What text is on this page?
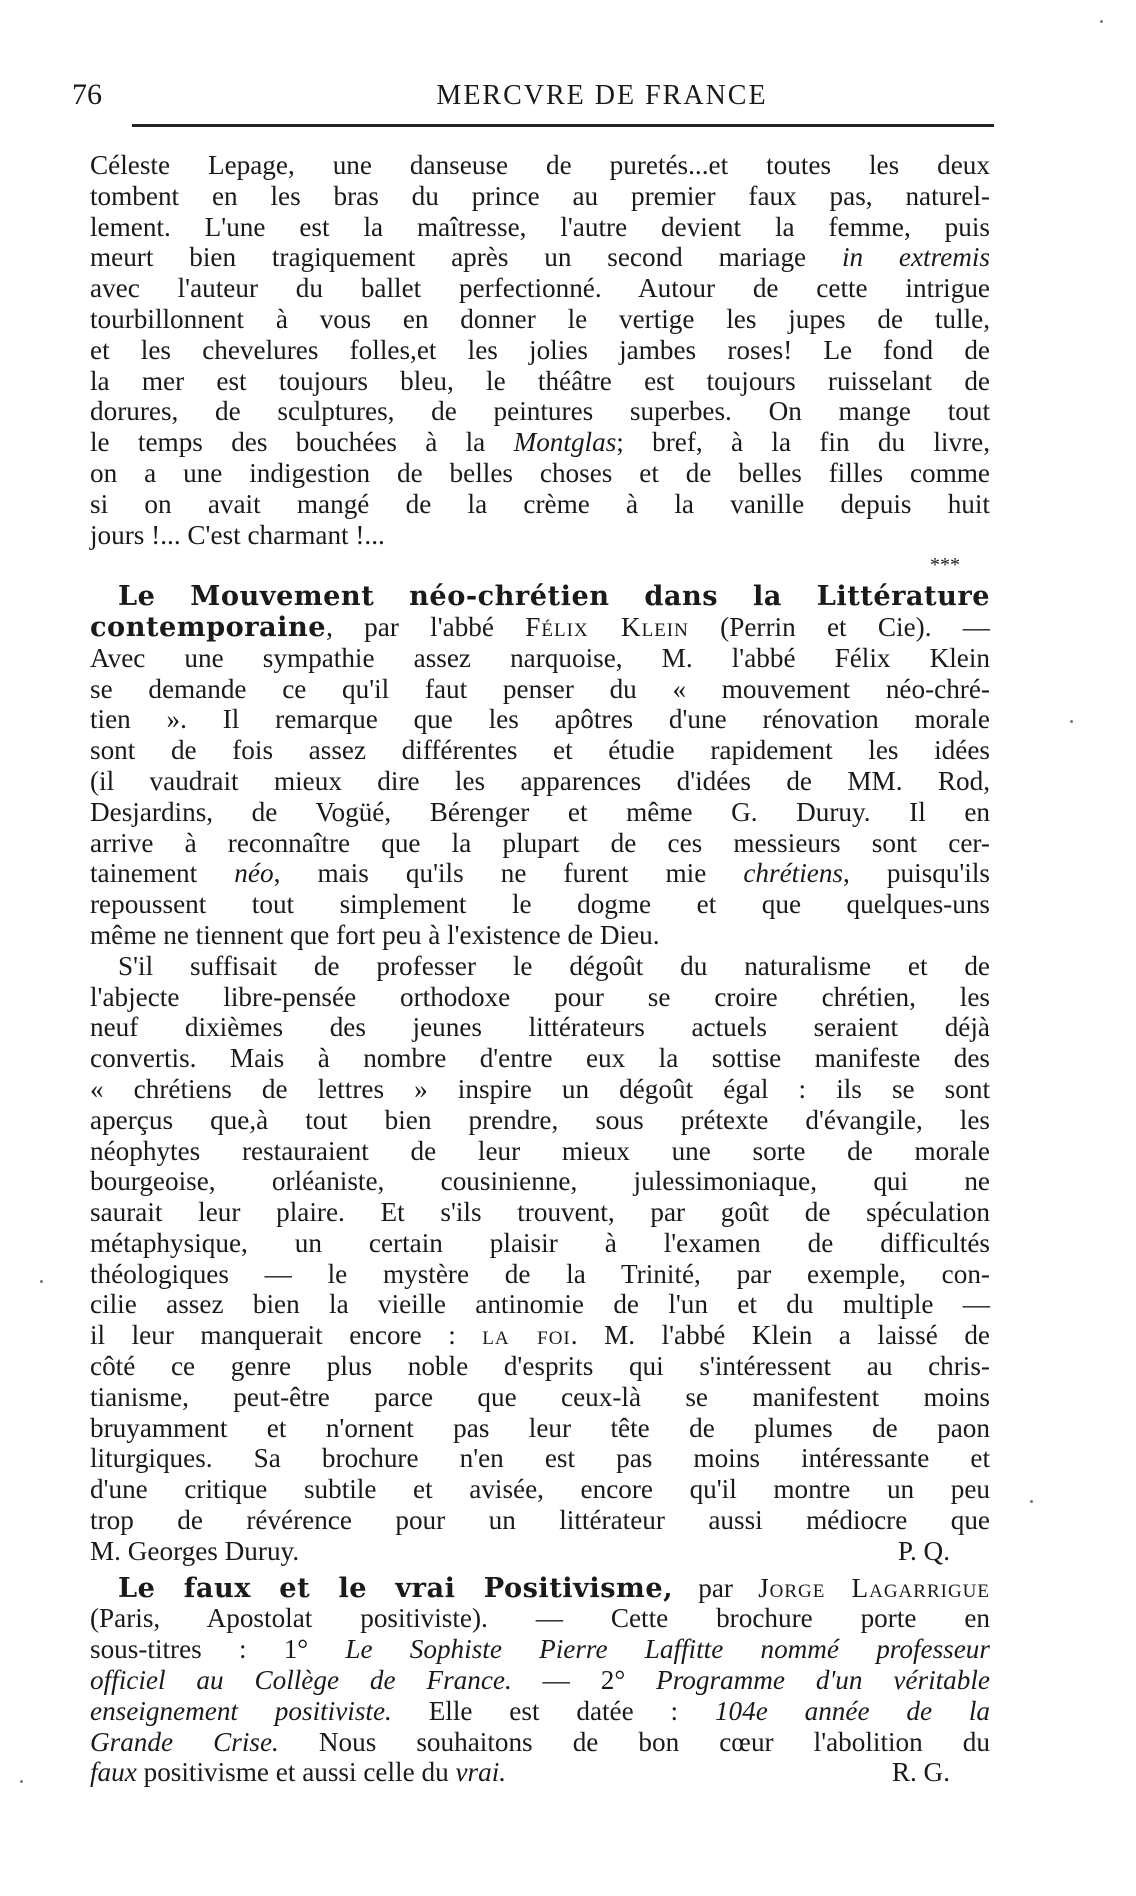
76	MERCVRE DE FRANCE
Céleste Lepage, une danseuse de puretés...et toutes les deux
tombent en les bras du prince au premier faux pas, naturel-
lement. L'une est la maîtresse, l'autre devient la femme, puis
meurt bien tragiquement après un second mariage in extremis
avec l'auteur du ballet perfectionné. Autour de cette intrigue
tourbillonnent à vous en donner le vertige les jupes de tulle,
et les chevelures folles,et les jolies jambes roses! Le fond de
la mer est toujours bleu, le théâtre est toujours ruisselant de
dorures, de sculptures, de peintures superbes. On mange tout
le temps des bouchées à la Montglas; bref, à la fin du livre,
on a une indigestion de belles choses et de belles filles comme
si on avait mangé de la crème à la vanille depuis huit
jours !... C'est charmant !...
***
Le Mouvement néo-chrétien dans la Littérature
contemporaine, par l'abbé Félix Klein (Perrin et Cie). —
Avec une sympathie assez narquoise, M. l'abbé Félix Klein
se demande ce qu'il faut penser du « mouvement néo-chré-
tien ». Il remarque que les apôtres d'une rénovation morale
sont de fois assez différentes et étudie rapidement les idées
(il vaudrait mieux dire les apparences d'idées de MM. Rod,
Desjardins, de Vogüé, Bérenger et même G. Duruy. Il en
arrive à reconnaître que la plupart de ces messieurs sont cer-
tainement néo, mais qu'ils ne furent mie chrétiens, puisqu'ils
repoussent tout simplement le dogme et que quelques-uns
même ne tiennent que fort peu à l'existence de Dieu.
S'il suffisait de professer le dégoût du naturalisme et de
l'abjecte libre-pensée orthodoxe pour se croire chrétien, les
neuf dixièmes des jeunes littérateurs actuels seraient déjà
convertis. Mais à nombre d'entre eux la sottise manifeste des
« chrétiens de lettres » inspire un dégoût égal : ils se sont
aperçus que,à tout bien prendre, sous prétexte d'évangile, les
néophytes restauraient de leur mieux une sorte de morale
bourgeoise, orléaniste, cousinienne, julessimoniaque, qui ne
saurait leur plaire. Et s'ils trouvent, par goût de spéculation
métaphysique, un certain plaisir à l'examen de difficultés
théologiques — le mystère de la Trinité, par exemple, con-
cilie assez bien la vieille antinomie de l'un et du multiple —
il leur manquerait encore : la foi. M. l'abbé Klein a laissé de
côté ce genre plus noble d'esprits qui s'intéressent au chris-
tianisme, peut-être parce que ceux-là se manifestent moins
bruyamment et n'ornent pas leur tête de plumes de paon
liturgiques. Sa brochure n'en est pas moins intéressante et
d'une critique subtile et avisée, encore qu'il montre un peu
trop de révérence pour un littérateur aussi médiocre que
M. Georges Duruy.	P. Q.
Le faux et le vrai Positivisme, par Jorge Lagarrigue
(Paris, Apostolat positiviste). — Cette brochure porte en
sous-titres : 1° Le Sophiste Pierre Laffitte nommé professeur
officiel au Collège de France. — 2° Programme d'un véritable
enseignement positiviste. Elle est datée : 104e année de la
Grande Crise. Nous souhaitons de bon cœur l'abolition du
faux positivisme et aussi celle du vrai.	R. G.
